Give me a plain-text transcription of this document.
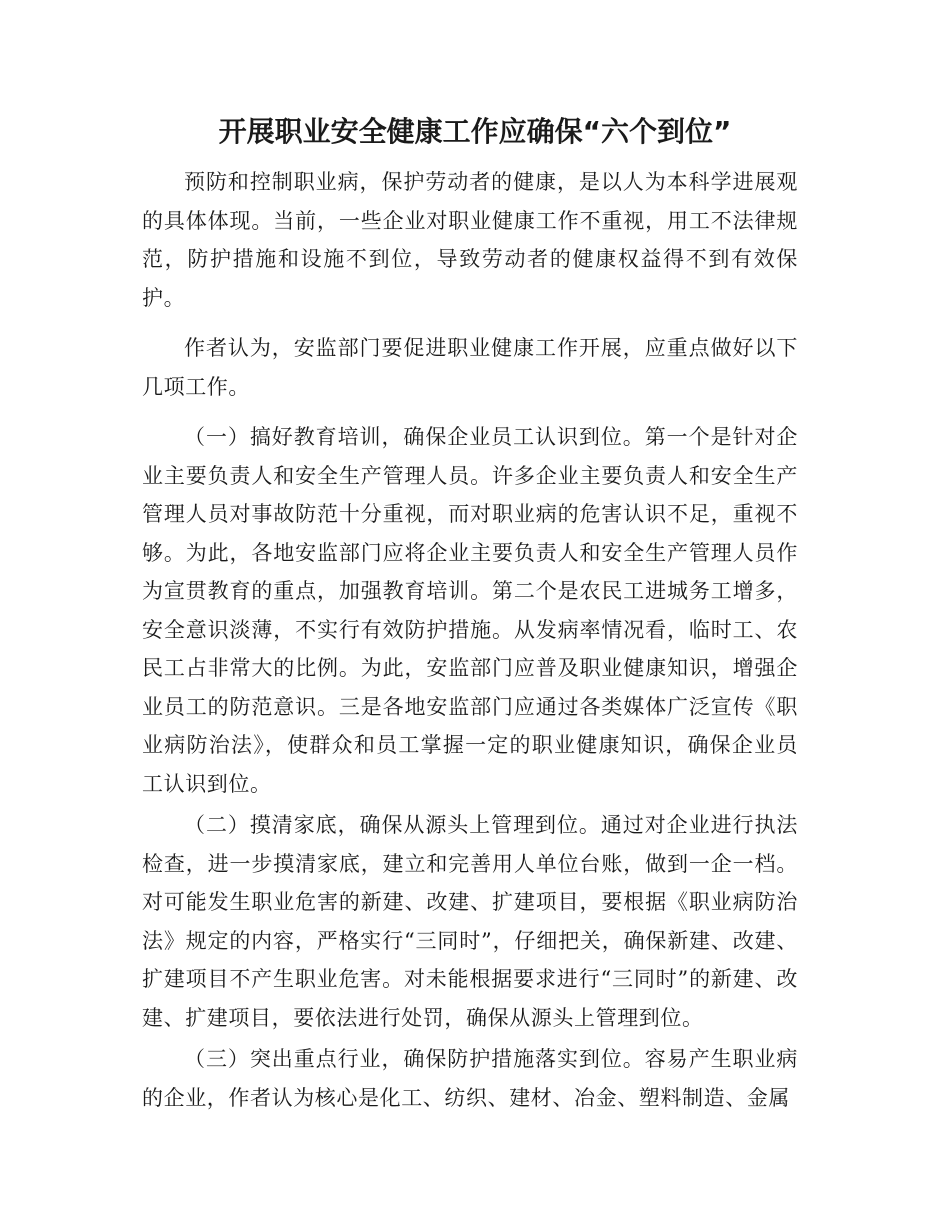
开展职业安全健康工作应确保“六个到位”

预防和控制职业病，保护劳动者的健康，是以人为本科学进展观的具体体现。当前，一些企业对职业健康工作不重视，用工不法律规范，防护措施和设施不到位，导致劳动者的健康权益得不到有效保护。

作者认为，安监部门要促进职业健康工作开展，应重点做好以下几项工作。

（一）搞好教育培训，确保企业员工认识到位。第一个是针对企业主要负责人和安全生产管理人员。许多企业主要负责人和安全生产管理人员对事故防范十分重视，而对职业病的危害认识不足，重视不够。为此，各地安监部门应将企业主要负责人和安全生产管理人员作为宣贯教育的重点，加强教育培训。第二个是农民工进城务工增多，安全意识淡薄，不实行有效防护措施。从发病率情况看，临时工、农民工占非常大的比例。为此，安监部门应普及职业健康知识，增强企业员工的防范意识。三是各地安监部门应通过各类媒体广泛宣传《职业病防治法》，使群众和员工掌握一定的职业健康知识，确保企业员工认识到位。

（二）摸清家底，确保从源头上管理到位。通过对企业进行执法检查，进一步摸清家底，建立和完善用人单位台账，做到一企一档。对可能发生职业危害的新建、改建、扩建项目，要根据《职业病防治法》规定的内容，严格实行“三同时”，仔细把关，确保新建、改建、扩建项目不产生职业危害。对未能根据要求进行“三同时”的新建、改建、扩建项目，要依法进行处罚，确保从源头上管理到位。

（三）突出重点行业，确保防护措施落实到位。容易产生职业病的企业，作者认为核心是化工、纺织、建材、冶金、塑料制造、金属
